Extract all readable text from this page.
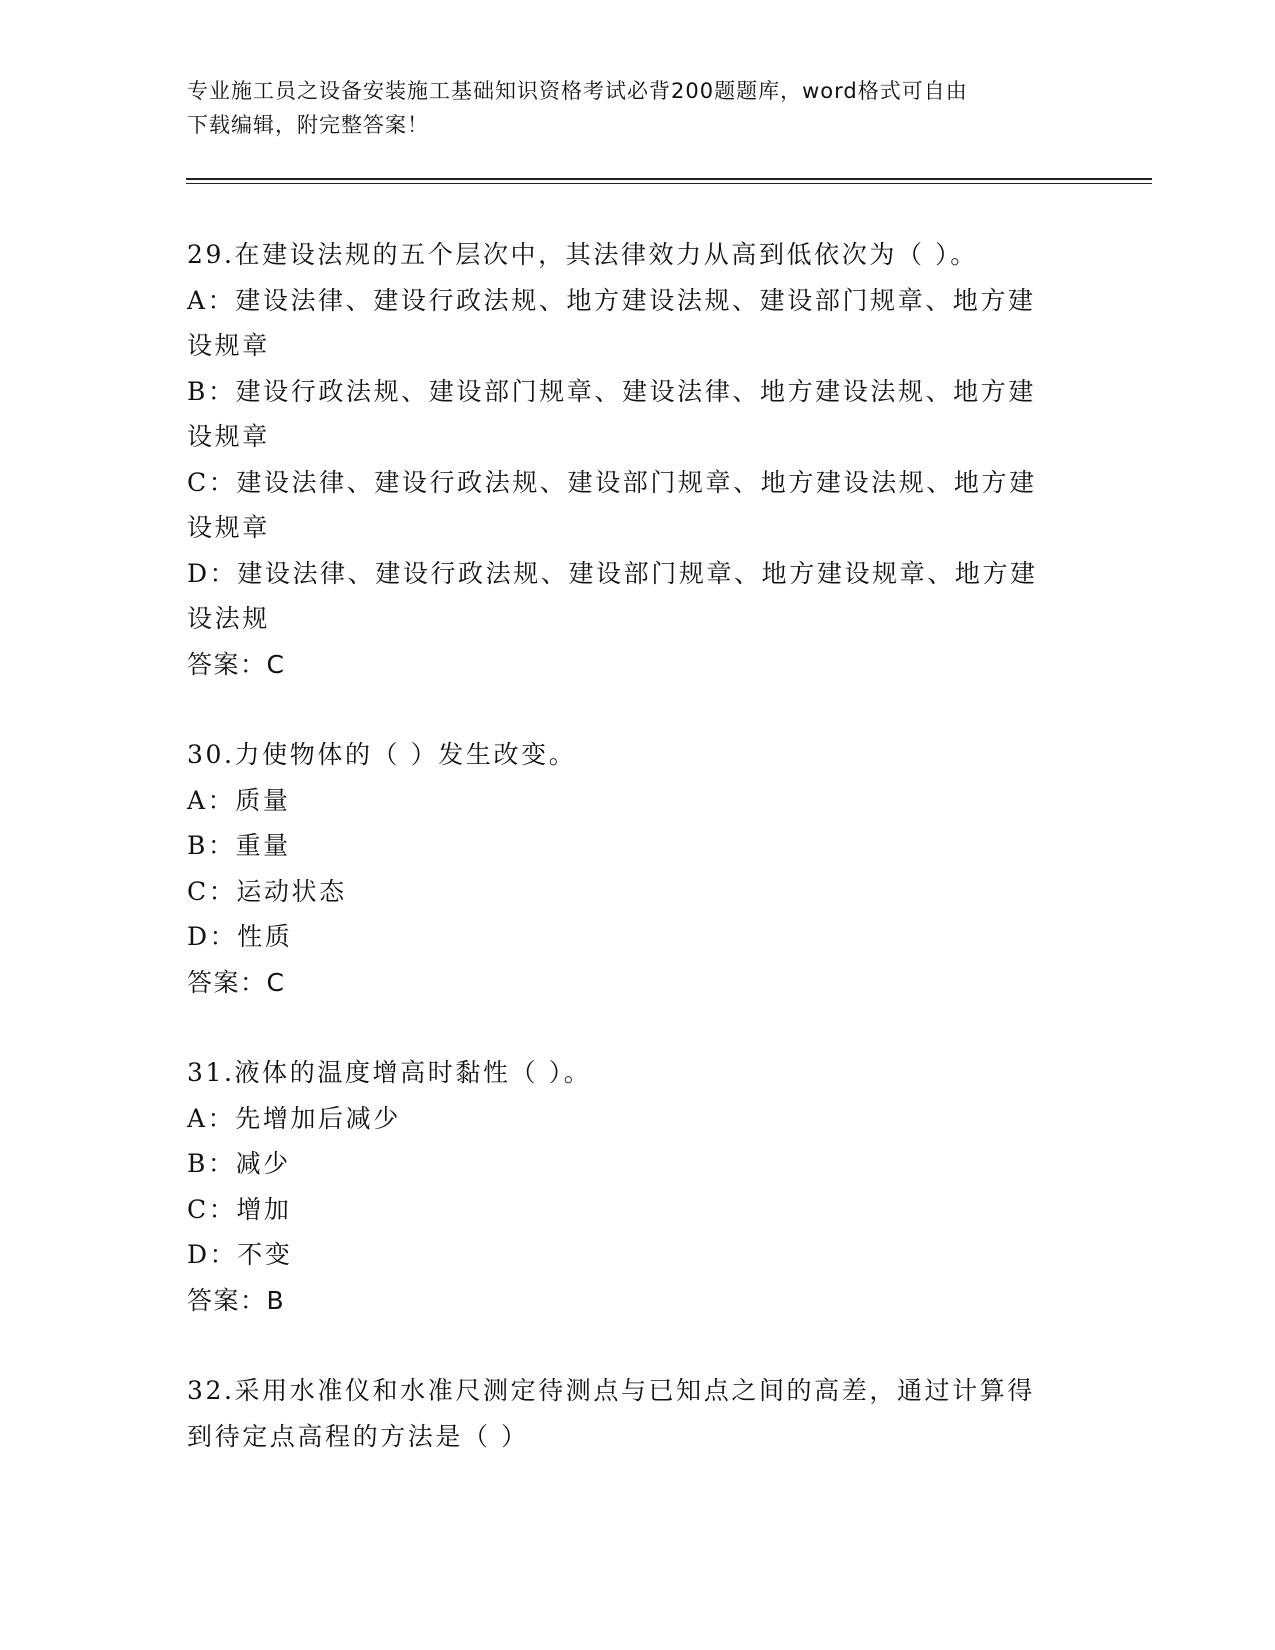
专业施工员之设备安装施工基础知识资格考试必背200题题库，word格式可自由
下载编辑，附完整答案！
29.在建设法规的五个层次中，其法律效力从高到低依次为（ ）。
A：建设法律、建设行政法规、地方建设法规、建设部门规章、地方建
设规章
B：建设行政法规、建设部门规章、建设法律、地方建设法规、地方建
设规章
C：建设法律、建设行政法规、建设部门规章、地方建设法规、地方建
设规章
D：建设法律、建设行政法规、建设部门规章、地方建设规章、地方建
设法规
答案：C
30.力使物体的（ ）发生改变。
A：质量
B：重量
C：运动状态
D：性质
答案：C
31.液体的温度增高时黏性（ ）。
A：先增加后减少
B：减少
C：增加
D：不变
答案：B
32.采用水准仪和水准尺测定待测点与已知点之间的高差，通过计算得
到待定点高程的方法是（ ）
